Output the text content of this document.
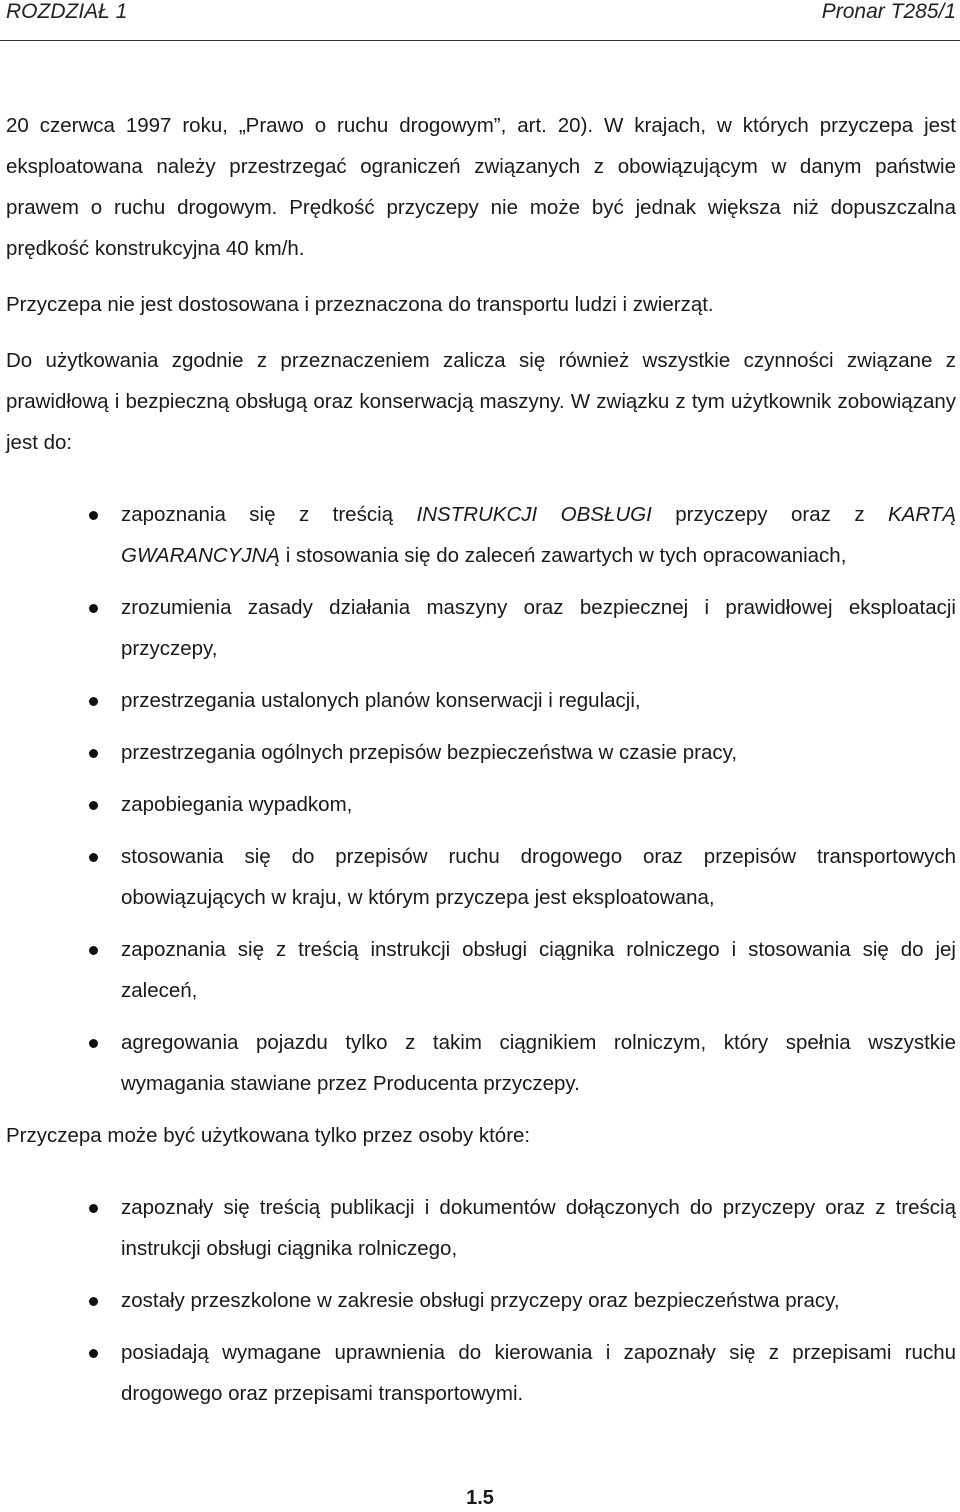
ROZDZIAŁ 1	Pronar T285/1

20 czerwca 1997 roku, „Prawo o ruchu drogowym”, art. 20). W krajach, w których przyczepa jest eksploatowana należy przestrzegać ograniczeń związanych z obowiązującym w danym państwie prawem o ruchu drogowym. Prędkość przyczepy nie może być jednak większa niż dopuszczalna prędkość konstrukcyjna 40 km/h.

Przyczepa nie jest dostosowana i przeznaczona do transportu ludzi i zwierząt.

Do użytkowania zgodnie z przeznaczeniem zalicza się również wszystkie czynności związane z prawidłową i bezpieczną obsługą oraz konserwacją maszyny. W związku z tym użytkownik zobowiązany jest do:

zapoznania się z treścią INSTRUKCJI OBSŁUGI przyczepy oraz z KARTĄ GWARANCYJNĄ i stosowania się do zaleceń zawartych w tych opracowaniach,
zrozumienia zasady działania maszyny oraz bezpiecznej i prawidłowej eksploatacji przyczepy,
przestrzegania ustalonych planów konserwacji i regulacji,
przestrzegania ogólnych przepisów bezpieczeństwa w czasie pracy,
zapobiegania wypadkom,
stosowania się do przepisów ruchu drogowego oraz przepisów transportowych obowiązujących w kraju, w którym przyczepa jest eksploatowana,
zapoznania się z treścią instrukcji obsługi ciągnika rolniczego i stosowania się do jej zaleceń,
agregowania pojazdu tylko z takim ciągnikiem rolniczym, który spełnia wszystkie wymagania stawiane przez Producenta przyczepy.

Przyczepa może być użytkowana tylko przez osoby które:

zapoznały się treścią publikacji i dokumentów dołączonych do przyczepy oraz z treścią instrukcji obsługi ciągnika rolniczego,
zostały przeszkolone w zakresie obsługi przyczepy oraz bezpieczeństwa pracy,
posiadają wymagane uprawnienia do kierowania i zapoznały się z przepisami ruchu drogowego oraz przepisami transportowymi.
1.5
